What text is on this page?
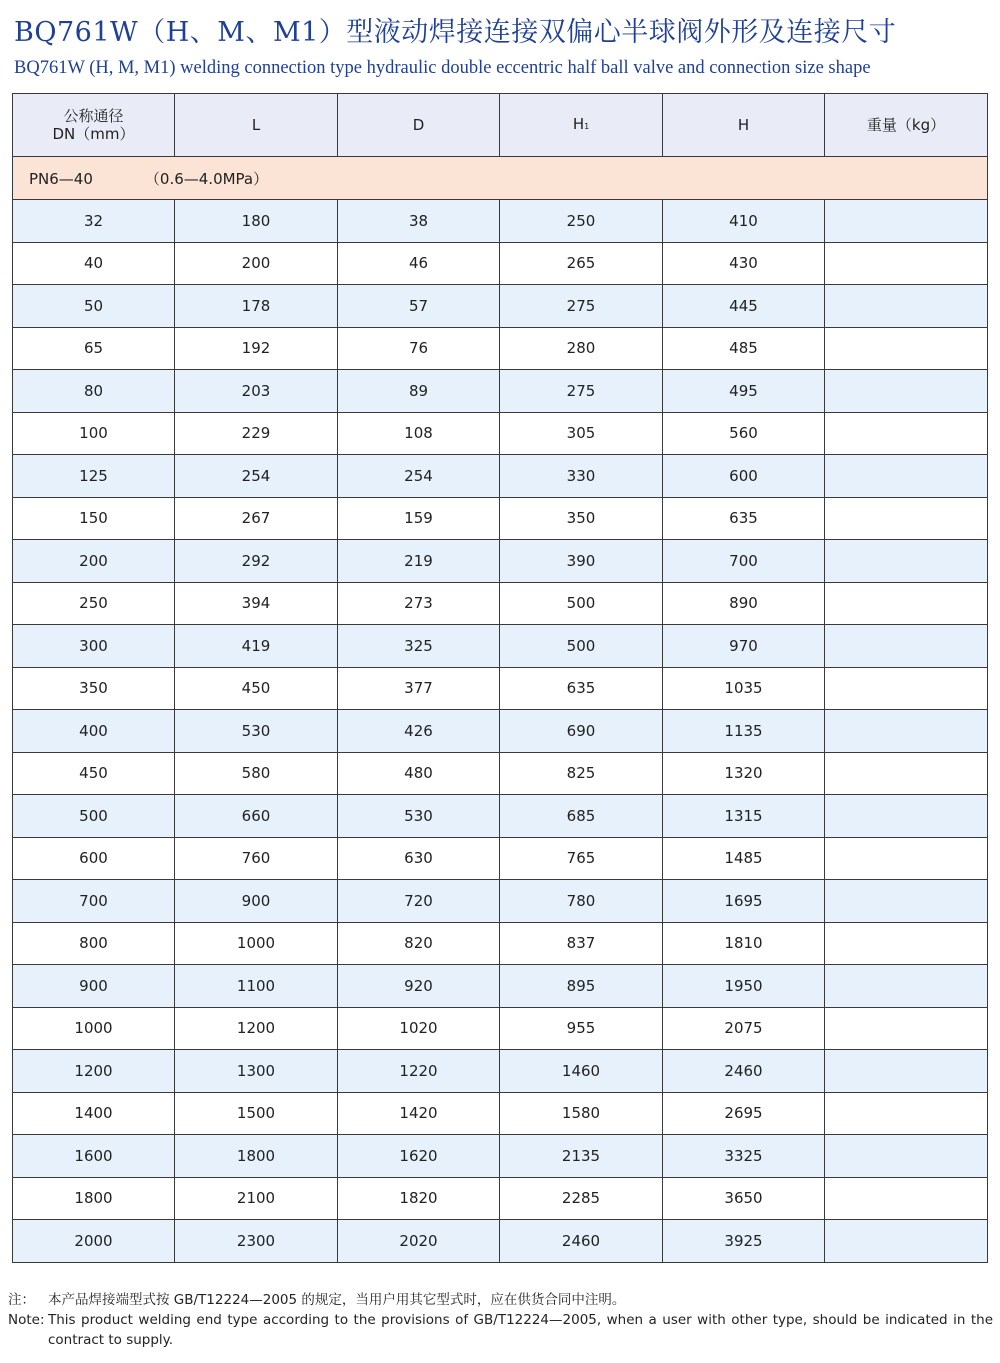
BQ761W（H、M、M1）型液动焊接连接双偏心半球阀外形及连接尺寸
BQ761W (H, M, M1) welding connection type hydraulic double eccentric half ball valve and connection size shape
公称通径
DN（mm）	L	D	H1	H	重量（kg）
PN6—40 （0.6—4.0MPa）					
32	180	38	250	410	
40	200	46	265	430	
50	178	57	275	445	
65	192	76	280	485	
80	203	89	275	495	
100	229	108	305	560	
125	254	254	330	600	
150	267	159	350	635	
200	292	219	390	700	
250	394	273	500	890	
300	419	325	500	970	
350	450	377	635	1035	
400	530	426	690	1135	
450	580	480	825	1320	
500	660	530	685	1315	
600	760	630	765	1485	
700	900	720	780	1695	
800	1000	820	837	1810	
900	1100	920	895	1950	
1000	1200	1020	955	2075	
1200	1300	1220	1460	2460	
1400	1500	1420	1580	2695	
1600	1800	1620	2135	3325	
1800	2100	1820	2285	3650	
2000	2300	2020	2460	3925	
注： 本产品焊接端型式按 GB/T12224—2005 的规定，当用户用其它型式时，应在供货合同中注明。
Note: This product welding end type according to the provisions of GB/T12224—2005, when a user with other type, should be indicated in the contract to supply.
